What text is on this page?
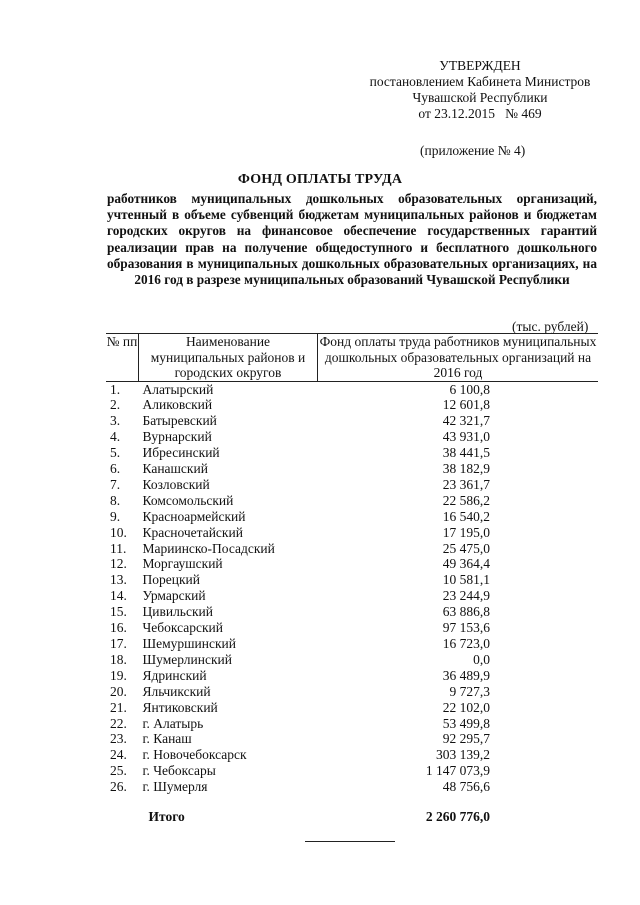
УТВЕРЖДЕН
постановлением Кабинета Министров
Чувашской Республики
от 23.12.2015   № 469
(приложение № 4)
ФОНД ОПЛАТЫ ТРУДА
работников муниципальных дошкольных образовательных организаций, учтенный в объеме субвенций бюджетам муниципальных районов и бюджетам городских округов на финансовое обеспечение государственных гарантий реализации прав на получение общедоступного и бесплатного дошкольного образования в муниципальных дошкольных образовательных организациях, на 2016 год в разрезе муниципальных образований Чувашской Республики
(тыс. рублей)
№ пп	Наименование муниципальных районов и городских округов	Фонд оплаты труда работников муниципальных дошкольных образовательных организаций на 2016 год
1.	Алатырский	6 100,8
2.	Аликовский	12 601,8
3.	Батыревский	42 321,7
4.	Вурнарский	43 931,0
5.	Ибресинский	38 441,5
6.	Канашский	38 182,9
7.	Козловский	23 361,7
8.	Комсомольский	22 586,2
9.	Красноармейский	16 540,2
10.	Красночетайский	17 195,0
11.	Мариинско-Посадский	25 475,0
12.	Моргаушский	49 364,4
13.	Порецкий	10 581,1
14.	Урмарский	23 244,9
15.	Цивильский	63 886,8
16.	Чебоксарский	97 153,6
17.	Шемуршинский	16 723,0
18.	Шумерлинский	0,0
19.	Ядринский	36 489,9
20.	Яльчикский	9 727,3
21.	Янтиковский	22 102,0
22.	г. Алатырь	53 499,8
23.	г. Канаш	92 295,7
24.	г. Новочебоксарск	303 139,2
25.	г. Чебоксары	1 147 073,9
26.	г. Шумерля	48 756,6

	Итого	2 260 776,0
